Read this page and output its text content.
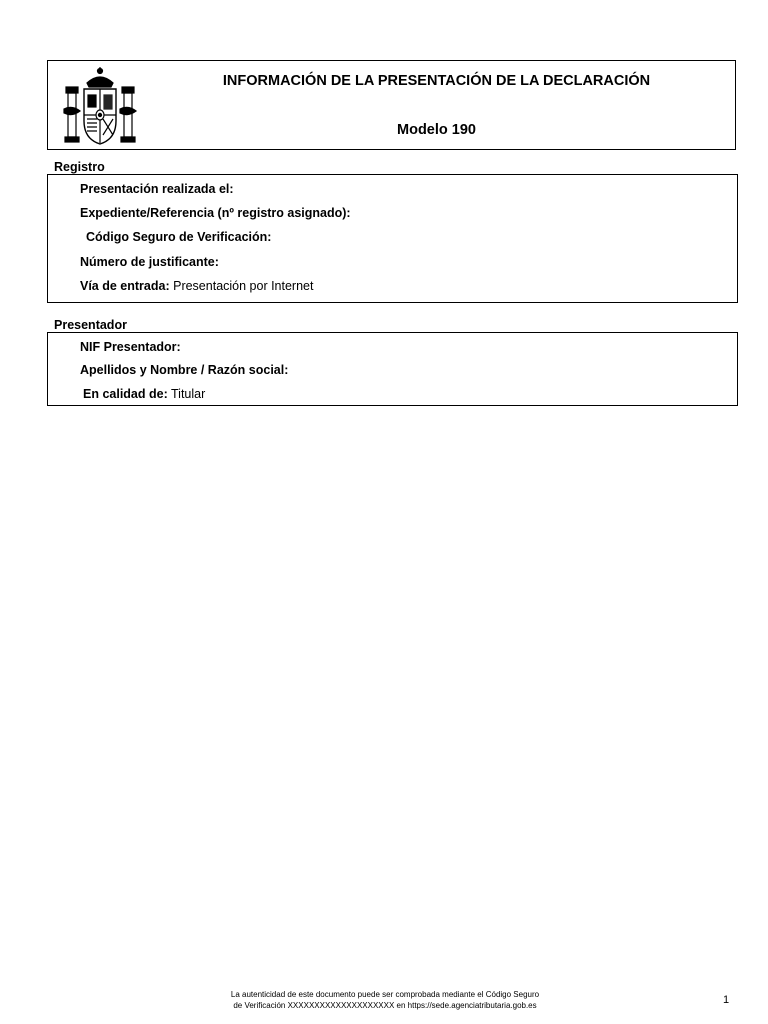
INFORMACIÓN DE LA PRESENTACIÓN DE LA DECLARACIÓN
Modelo 190
Registro
Presentación realizada el:
Expediente/Referencia (nº registro asignado):
Código Seguro de Verificación:
Número de justificante:
Vía de entrada: Presentación por Internet
Presentador
NIF Presentador:
Apellidos y Nombre / Razón social:
En calidad de: Titular
La autenticidad de este documento puede ser comprobada mediante el Código Seguro
de Verificación XXXXXXXXXXXXXXXXXXXX en https://sede.agenciatributaria.gob.es	1
